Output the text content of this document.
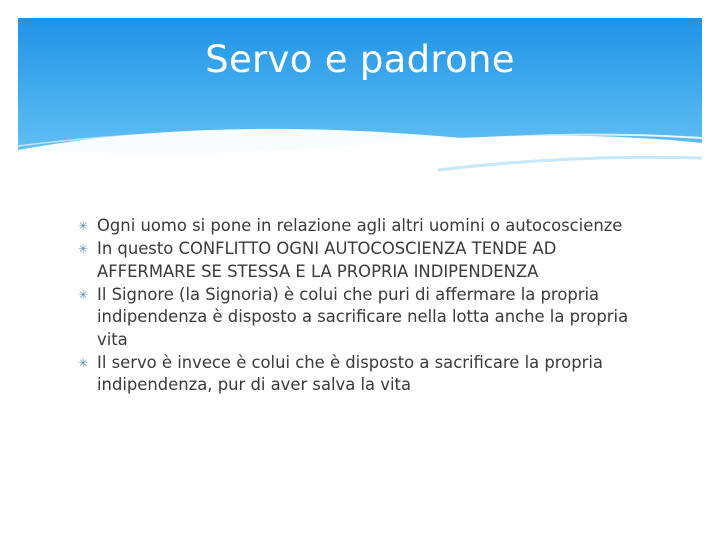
Servo e padrone
✳ Ogni uomo si pone in relazione agli altri uomini o autocoscienze
✳ In questo CONFLITTO OGNI AUTOCOSCIENZA TENDE AD AFFERMARE SE STESSA E LA PROPRIA INDIPENDENZA
✳ Il Signore (la Signoria) è colui che puri di affermare la propria indipendenza è disposto a sacrificare nella lotta anche la propria vita
✳ Il servo è invece è colui che è disposto a sacrificare la propria indipendenza, pur di aver salva la vita
